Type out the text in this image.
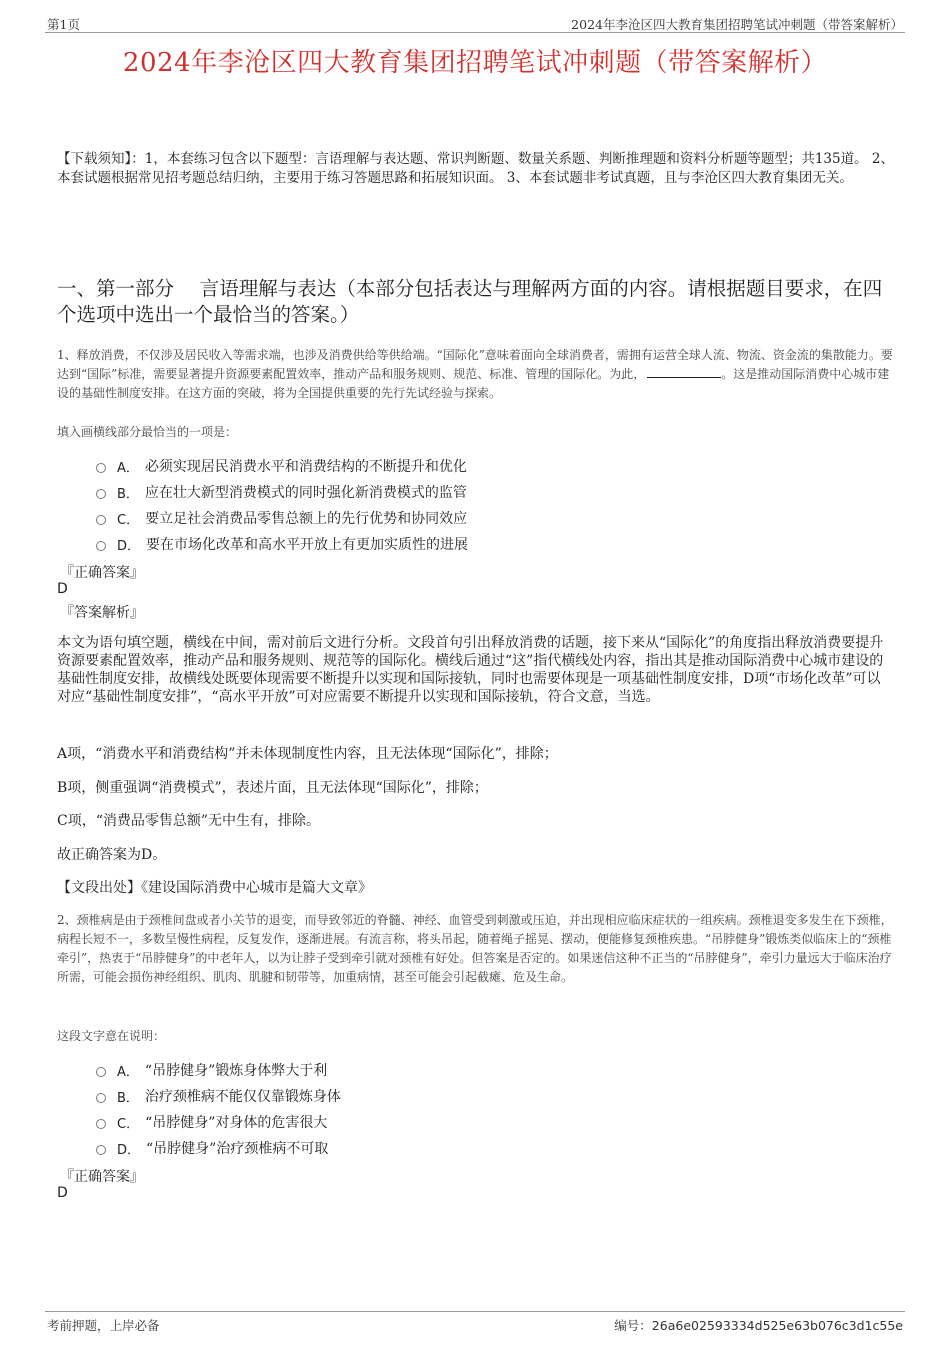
第1页	2024年李沧区四大教育集团招聘笔试冲刺题（带答案解析）
2024年李沧区四大教育集团招聘笔试冲刺题（带答案解析）
【下载须知】：1，本套练习包含以下题型：言语理解与表达题、常识判断题、数量关系题、判断推理题和资料分析题等题型；共135道。 2、本套试题根据常见招考题总结归纳，主要用于练习答题思路和拓展知识面。 3、本套试题非考试真题，且与李沧区四大教育集团无关。
一、第一部分　 言语理解与表达（本部分包括表达与理解两方面的内容。请根据题目要求，在四个选项中选出一个最恰当的答案。）
1、释放消费，不仅涉及居民收入等需求端，也涉及消费供给等供给端。“国际化”意味着面向全球消费者，需拥有运营全球人流、物流、资金流的集散能力。要达到“国际”标准，需要显著提升资源要素配置效率，推动产品和服务规则、规范、标准、管理的国际化。为此，	。这是推动国际消费中心城市建设的基础性制度安排。在这方面的突破，将为全国提供重要的先行先试经验与探索。
填入画横线部分最恰当的一项是：
A． 必须实现居民消费水平和消费结构的不断提升和优化
B． 应在壮大新型消费模式的同时强化新消费模式的监管
C． 要立足社会消费品零售总额上的先行优势和协同效应
D． 要在市场化改革和高水平开放上有更加实质性的进展
『正确答案』
D
『答案解析』
本文为语句填空题，横线在中间，需对前后文进行分析。文段首句引出释放消费的话题，接下来从“国际化”的角度指出释放消费要提升资源要素配置效率，推动产品和服务规则、规范等的国际化。横线后通过“这”指代横线处内容，指出其是推动国际消费中心城市建设的基础性制度安排，故横线处既要体现需要不断提升以实现和国际接轨，同时也需要体现是一项基础性制度安排，D项“市场化改革”可以对应“基础性制度安排”，“高水平开放”可对应需要不断提升以实现和国际接轨，符合文意，当选。
A项，“消费水平和消费结构”并未体现制度性内容，且无法体现“国际化”，排除；
B项，侧重强调“消费模式”，表述片面，且无法体现“国际化”，排除；
C项，“消费品零售总额”无中生有，排除。
故正确答案为D。
【文段出处】《建设国际消费中心城市是篇大文章》
2、颈椎病是由于颈椎间盘或者小关节的退变，而导致邻近的脊髓、神经、血管受到刺激或压迫，并出现相应临床症状的一组疾病。颈椎退变多发生在下颈椎，病程长短不一，多数呈慢性病程，反复发作，逐渐进展。有流言称，将头吊起，随着绳子摇晃、摆动，便能修复颈椎疾患。“吊脖健身”锻炼类似临床上的“颈椎牵引”，热衷于“吊脖健身”的中老年人，以为让脖子受到牵引就对颈椎有好处。但答案是否定的。如果迷信这种不正当的“吊脖健身”，牵引力量远大于临床治疗所需，可能会损伤神经组织、肌肉、肌腱和韧带等，加重病情，甚至可能会引起截瘫、危及生命。
这段文字意在说明：
A． “吊脖健身”锻炼身体弊大于利
B． 治疗颈椎病不能仅仅靠锻炼身体
C． “吊脖健身”对身体的危害很大
D． “吊脖健身”治疗颈椎病不可取
『正确答案』
D
考前押题，上岸必备	编号：26a6e02593334d525e63b076c3d1c55e
